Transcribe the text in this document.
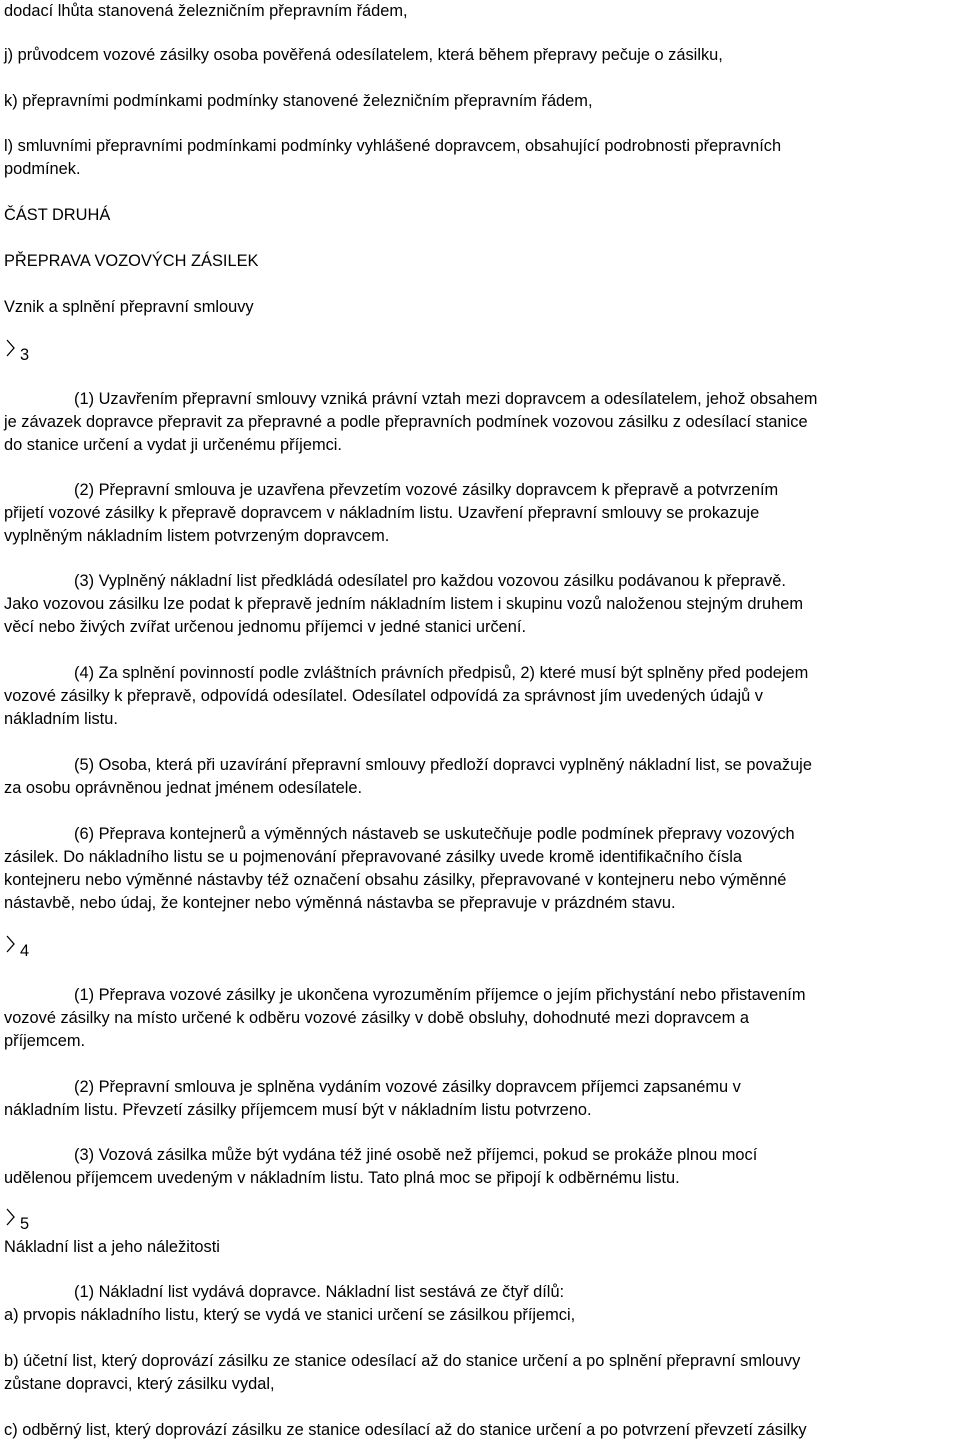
dodací lhůta stanovená železničním přepravním řádem,

j) průvodcem vozové zásilky osoba pověřená odesílatelem, která během přepravy pečuje o zásilku,

k) přepravními podmínkami podmínky stanovené železničním přepravním řádem,

l) smluvními přepravními podmínkami podmínky vyhlášené dopravcem, obsahující podrobnosti přepravních
podmínek.

ČÁST DRUHÁ

PŘEPRAVA VOZOVÝCH ZÁSILEK

Vznik a splnění přepravní smlouvy

3

(1) Uzavřením přepravní smlouvy vzniká právní vztah mezi dopravcem a odesílatelem, jehož obsahem
je závazek dopravce přepravit za přepravné a podle přepravních podmínek vozovou zásilku z odesílací stanice
do stanice určení a vydat ji určenému příjemci.

(2) Přepravní smlouva je uzavřena převzetím vozové zásilky dopravcem k přepravě a potvrzením
přijetí vozové zásilky k přepravě dopravcem v nákladním listu. Uzavření přepravní smlouvy se prokazuje
vyplněným nákladním listem potvrzeným dopravcem.

(3) Vyplněný nákladní list předkládá odesílatel pro každou vozovou zásilku podávanou k přepravě.
Jako vozovou zásilku lze podat k přepravě jedním nákladním listem i skupinu vozů naloženou stejným druhem
věcí nebo živých zvířat určenou jednomu příjemci v jedné stanici určení.

(4) Za splnění povinností podle zvláštních právních předpisů, 2) které musí být splněny před podejem
vozové zásilky k přepravě, odpovídá odesílatel. Odesílatel odpovídá za správnost jím uvedených údajů v
nákladním listu.

(5) Osoba, která při uzavírání přepravní smlouvy předloží dopravci vyplněný nákladní list, se považuje
za osobu oprávněnou jednat jménem odesílatele.

(6) Přeprava kontejnerů a výměnných nástaveb se uskutečňuje podle podmínek přepravy vozových
zásilek. Do nákladního listu se u pojmenování přepravované zásilky uvede kromě identifikačního čísla
kontejneru nebo výměnné nástavby též označení obsahu zásilky, přepravované v kontejneru nebo výměnné
nástavbě, nebo údaj, že kontejner nebo výměnná nástavba se přepravuje v prázdném stavu.

4

(1) Přeprava vozové zásilky je ukončena vyrozuměním příjemce o jejím přichystání nebo přistavením
vozové zásilky na místo určené k odběru vozové zásilky v době obsluhy, dohodnuté mezi dopravcem a
příjemcem.

(2) Přepravní smlouva je splněna vydáním vozové zásilky dopravcem příjemci zapsanému v
nákladním listu. Převzetí zásilky příjemcem musí být v nákladním listu potvrzeno.

(3) Vozová zásilka může být vydána též jiné osobě než příjemci, pokud se prokáže plnou mocí
udělenou příjemcem uvedeným v nákladním listu. Tato plná moc se připojí k odběrnému listu.

5

Nákladní list a jeho náležitosti

(1) Nákladní list vydává dopravce. Nákladní list sestává ze čtyř dílů:
a) prvopis nákladního listu, který se vydá ve stanici určení se zásilkou příjemci,

b) účetní list, který doprovází zásilku ze stanice odesílací až do stanice určení a po splnění přepravní smlouvy
zůstane dopravci, který zásilku vydal,

c) odběrný list, který doprovází zásilku ze stanice odesílací až do stanice určení a po potvrzení převzetí zásilky
